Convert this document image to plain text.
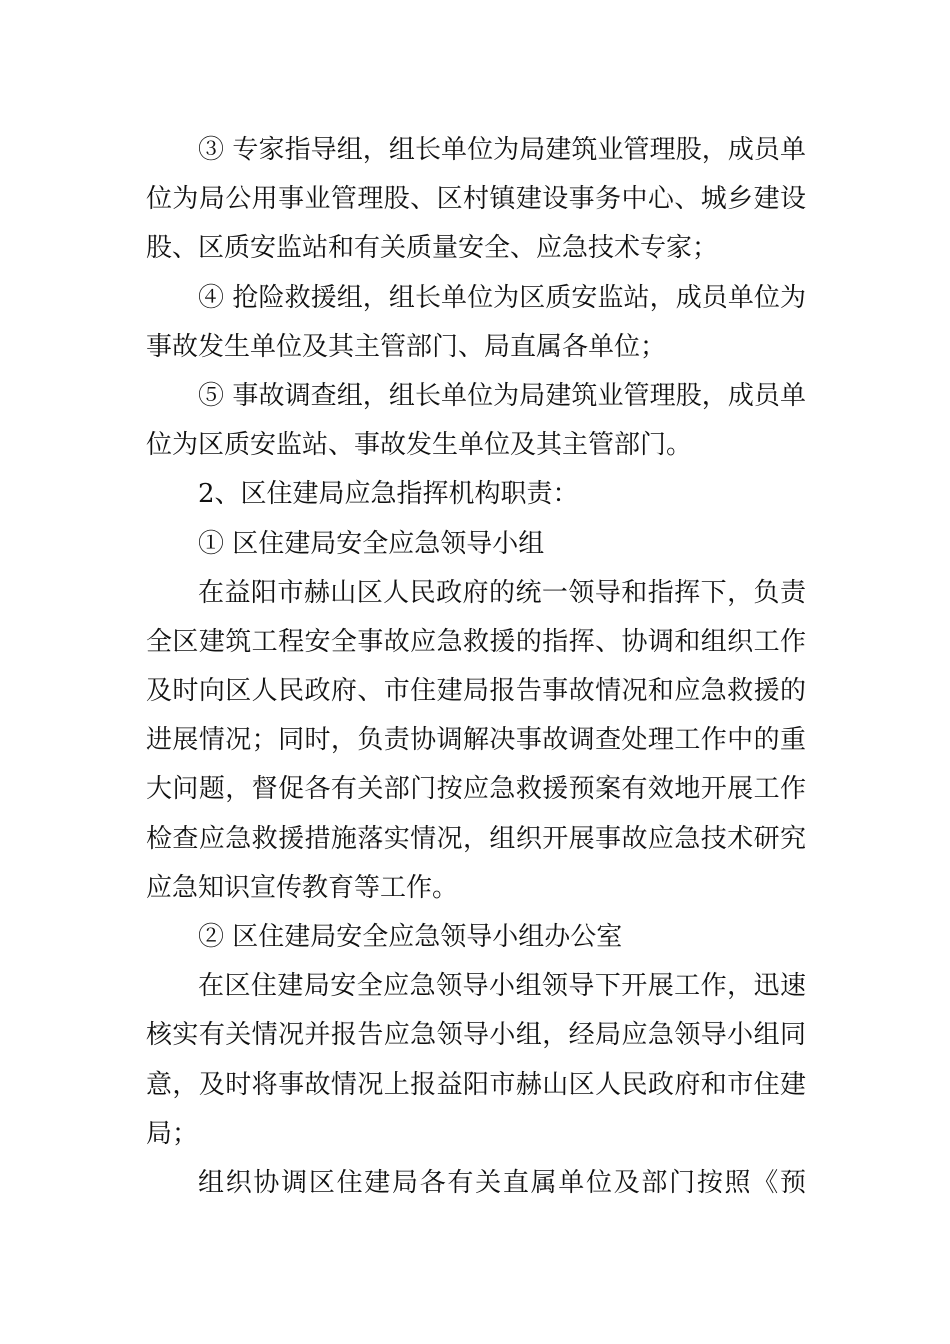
③ 专家指导组，组长单位为局建筑业管理股，成员单
位为局公用事业管理股、区村镇建设事务中心、城乡建设
股、区质安监站和有关质量安全、应急技术专家；
④ 抢险救援组，组长单位为区质安监站，成员单位为
事故发生单位及其主管部门、局直属各单位；
⑤ 事故调查组，组长单位为局建筑业管理股，成员单
位为区质安监站、事故发生单位及其主管部门。
2、区住建局应急指挥机构职责：
① 区住建局安全应急领导小组
在益阳市赫山区人民政府的统一领导和指挥下，负责
全区建筑工程安全事故应急救援的指挥、协调和组织工作
及时向区人民政府、市住建局报告事故情况和应急救援的
进展情况；同时，负责协调解决事故调查处理工作中的重
大问题，督促各有关部门按应急救援预案有效地开展工作
检查应急救援措施落实情况，组织开展事故应急技术研究
应急知识宣传教育等工作。
② 区住建局安全应急领导小组办公室
在区住建局安全应急领导小组领导下开展工作，迅速
核实有关情况并报告应急领导小组，经局应急领导小组同
意，及时将事故情况上报益阳市赫山区人民政府和市住建
局；
组织协调区住建局各有关直属单位及部门按照《预
